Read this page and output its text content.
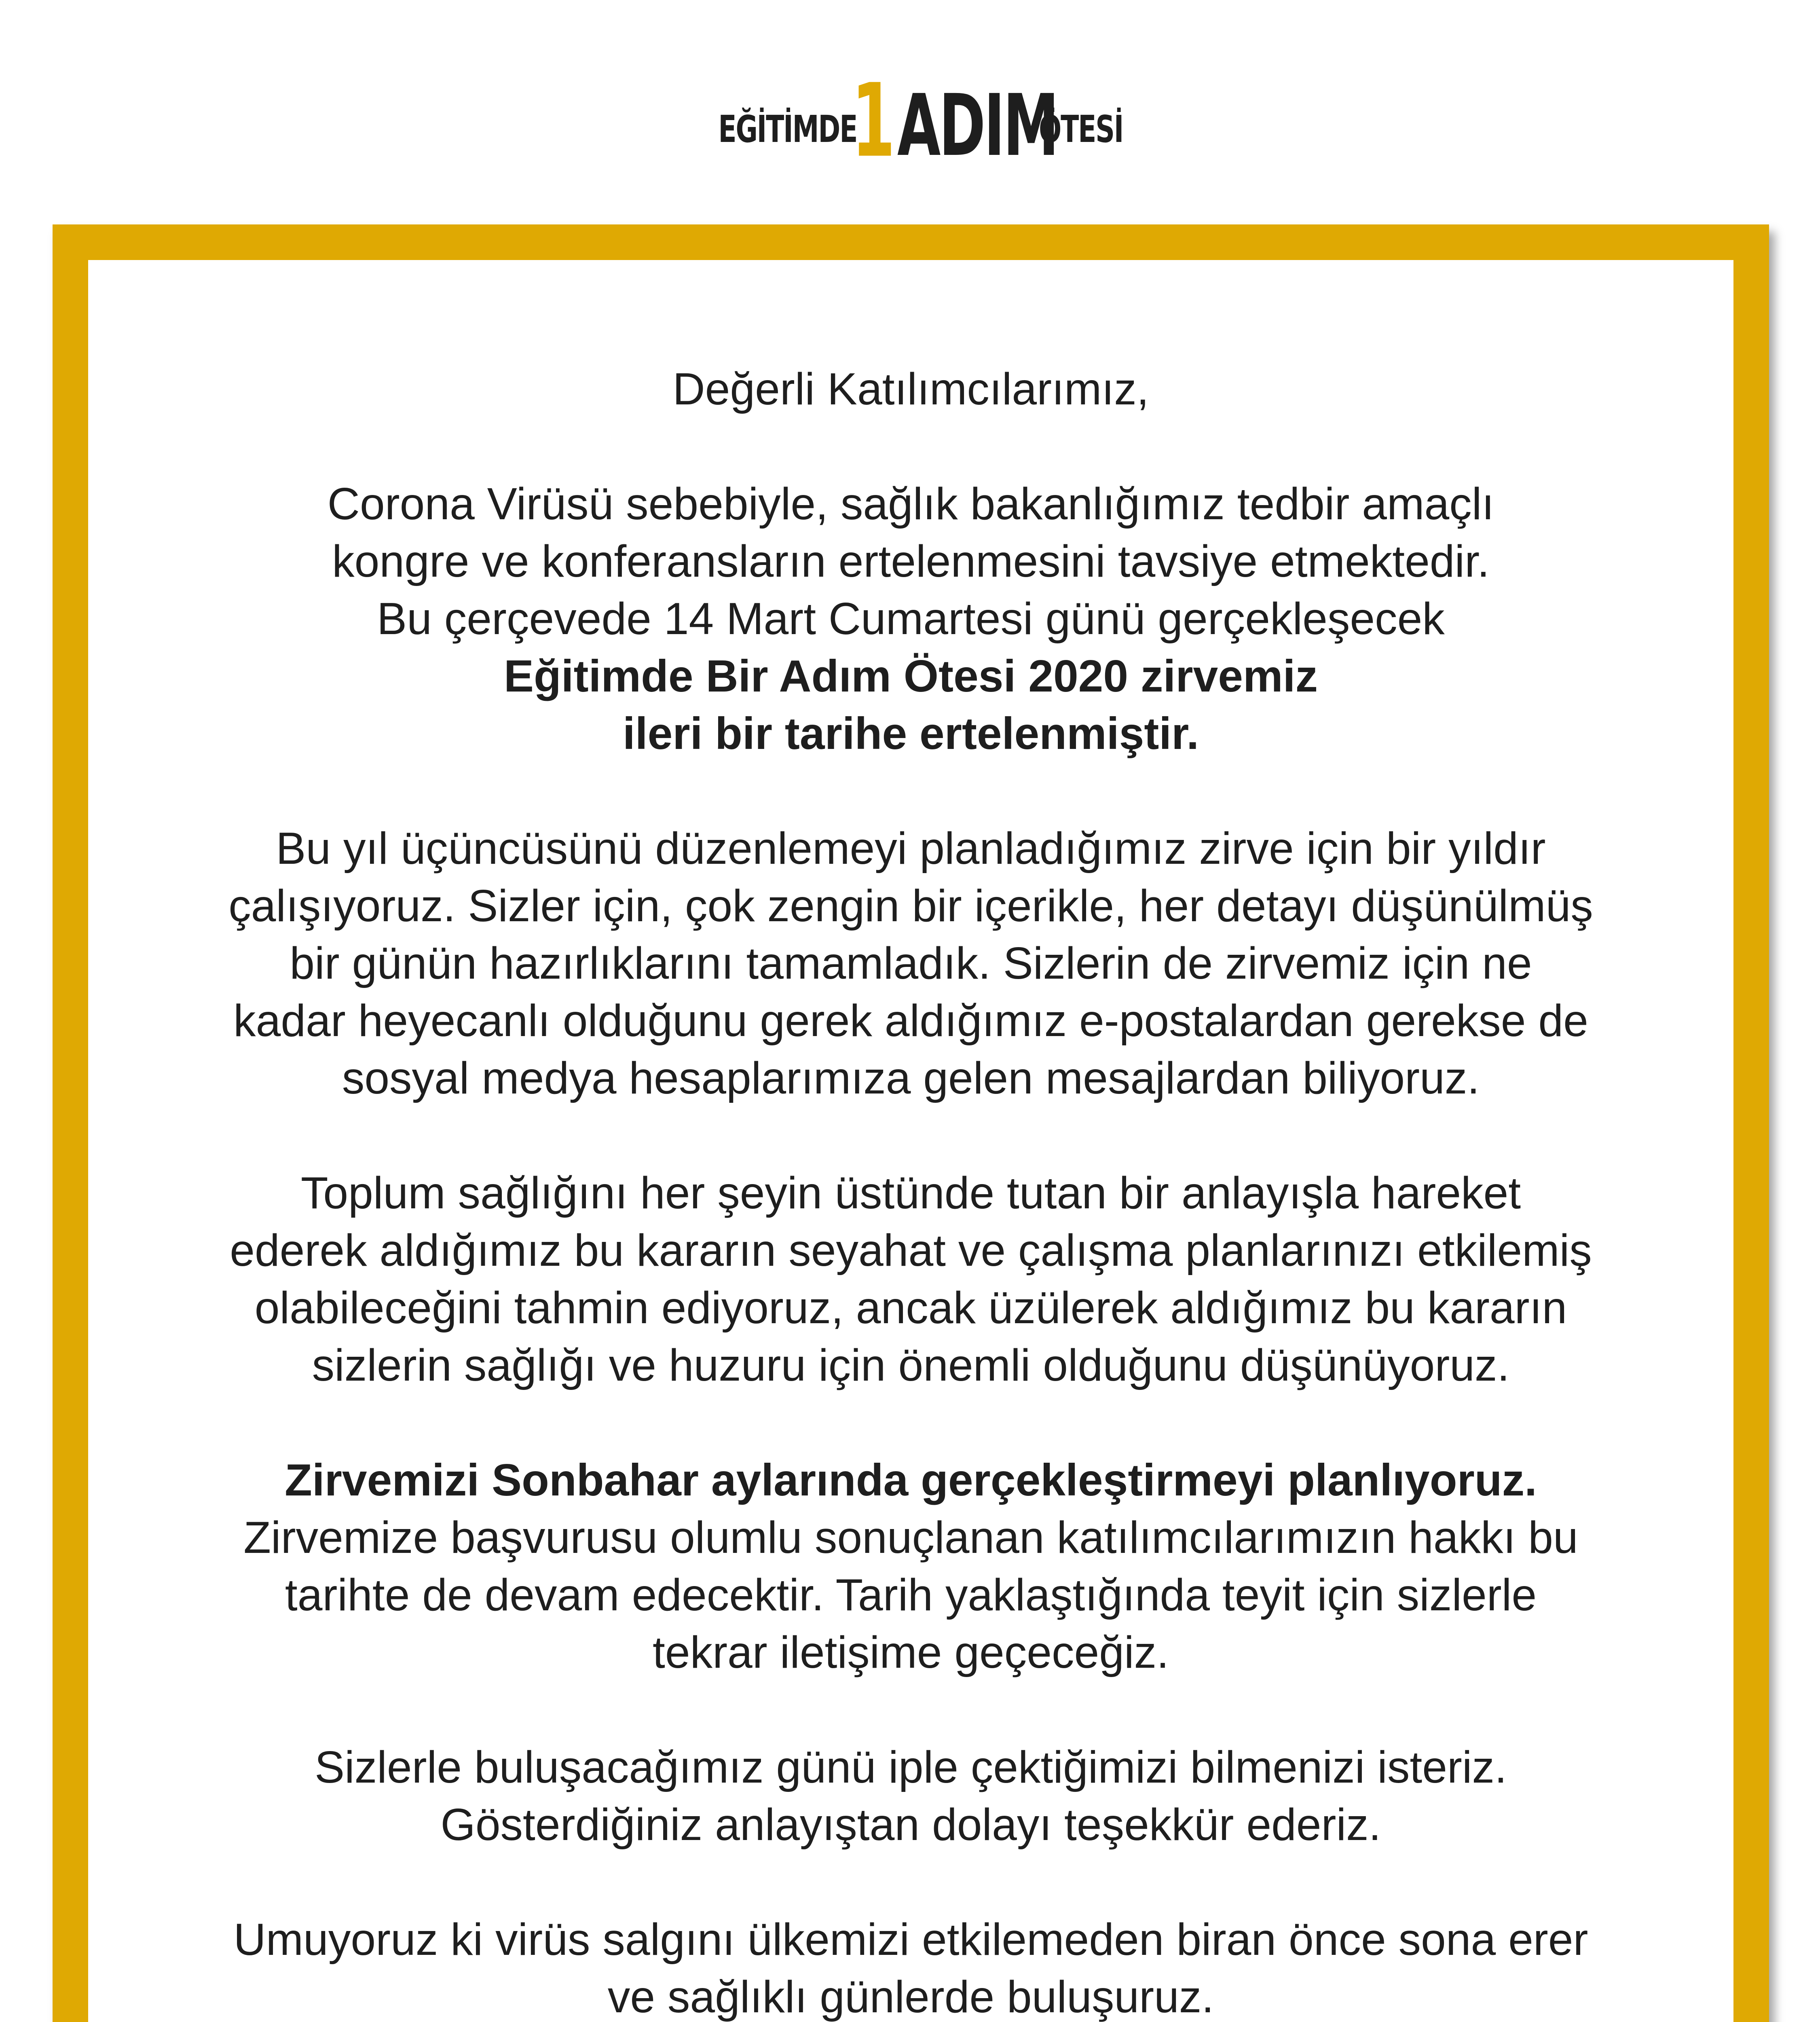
EĞİTİMDE
1 ADIM
ÖTESİ

Değerli Katılımcılarımız,

Corona Virüsü sebebiyle, sağlık bakanlığımız tedbir amaçlı
kongre ve konferansların ertelenmesini tavsiye etmektedir.
Bu çerçevede 14 Mart Cumartesi günü gerçekleşecek
Eğitimde Bir Adım Ötesi 2020 zirvemiz
ileri bir tarihe ertelenmiştir.

Bu yıl üçüncüsünü düzenlemeyi planladığımız zirve için bir yıldır
çalışıyoruz. Sizler için, çok zengin bir içerikle, her detayı düşünülmüş
bir günün hazırlıklarını tamamladık. Sizlerin de zirvemiz için ne
kadar heyecanlı olduğunu gerek aldığımız e-postalardan gerekse de
sosyal medya hesaplarımıza gelen mesajlardan biliyoruz.

Toplum sağlığını her şeyin üstünde tutan bir anlayışla hareket
ederek aldığımız bu kararın seyahat ve çalışma planlarınızı etkilemiş
olabileceğini tahmin ediyoruz, ancak üzülerek aldığımız bu kararın
sizlerin sağlığı ve huzuru için önemli olduğunu düşünüyoruz.

Zirvemizi Sonbahar aylarında gerçekleştirmeyi planlıyoruz.
Zirvemize başvurusu olumlu sonuçlanan katılımcılarımızın hakkı bu
tarihte de devam edecektir. Tarih yaklaştığında teyit için sizlerle
tekrar iletişime geçeceğiz.

Sizlerle buluşacağımız günü iple çektiğimizi bilmenizi isteriz.
Gösterdiğiniz anlayıştan dolayı teşekkür ederiz.

Umuyoruz ki virüs salgını ülkemizi etkilemeden biran önce sona erer
ve sağlıklı günlerde buluşuruz.
